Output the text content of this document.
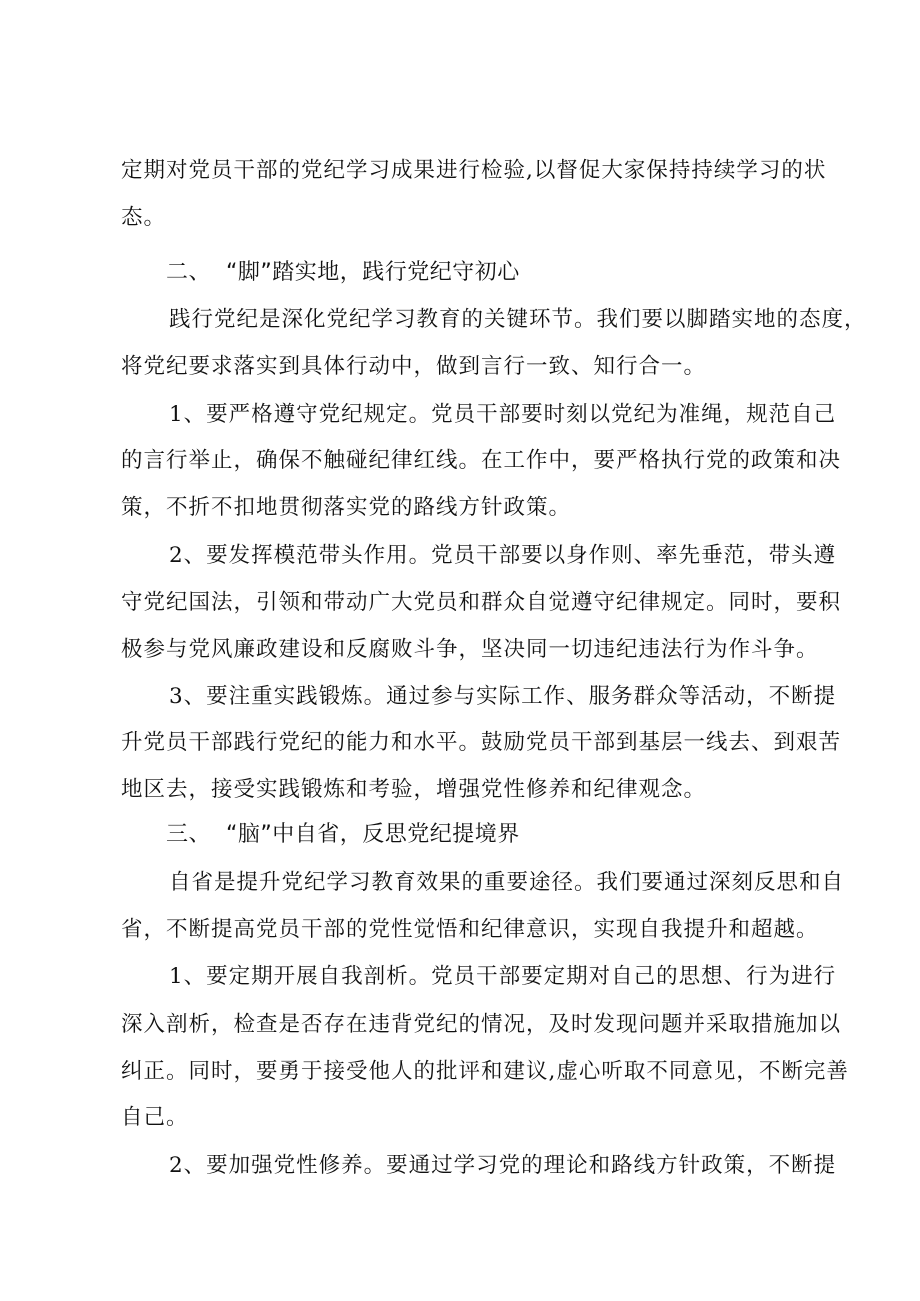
定期对党员干部的党纪学习成果进行检验,以督促大家保持持续学习的状
态。
二、 “脚”踏实地，践行党纪守初心
践行党纪是深化党纪学习教育的关键环节。我们要以脚踏实地的态度，
将党纪要求落实到具体行动中，做到言行一致、知行合一。
1、要严格遵守党纪规定。党员干部要时刻以党纪为准绳，规范自己
的言行举止，确保不触碰纪律红线。在工作中，要严格执行党的政策和决
策，不折不扣地贯彻落实党的路线方针政策。
2、要发挥模范带头作用。党员干部要以身作则、率先垂范，带头遵
守党纪国法，引领和带动广大党员和群众自觉遵守纪律规定。同时，要积
极参与党风廉政建设和反腐败斗争，坚决同一切违纪违法行为作斗争。
3、要注重实践锻炼。通过参与实际工作、服务群众等活动，不断提
升党员干部践行党纪的能力和水平。鼓励党员干部到基层一线去、到艰苦
地区去，接受实践锻炼和考验，增强党性修养和纪律观念。
三、 “脑”中自省，反思党纪提境界
自省是提升党纪学习教育效果的重要途径。我们要通过深刻反思和自
省，不断提高党员干部的党性觉悟和纪律意识，实现自我提升和超越。
1、要定期开展自我剖析。党员干部要定期对自己的思想、行为进行
深入剖析，检查是否存在违背党纪的情况，及时发现问题并采取措施加以
纠正。同时，要勇于接受他人的批评和建议,虚心听取不同意见，不断完善
自己。
2、要加强党性修养。要通过学习党的理论和路线方针政策，不断提
